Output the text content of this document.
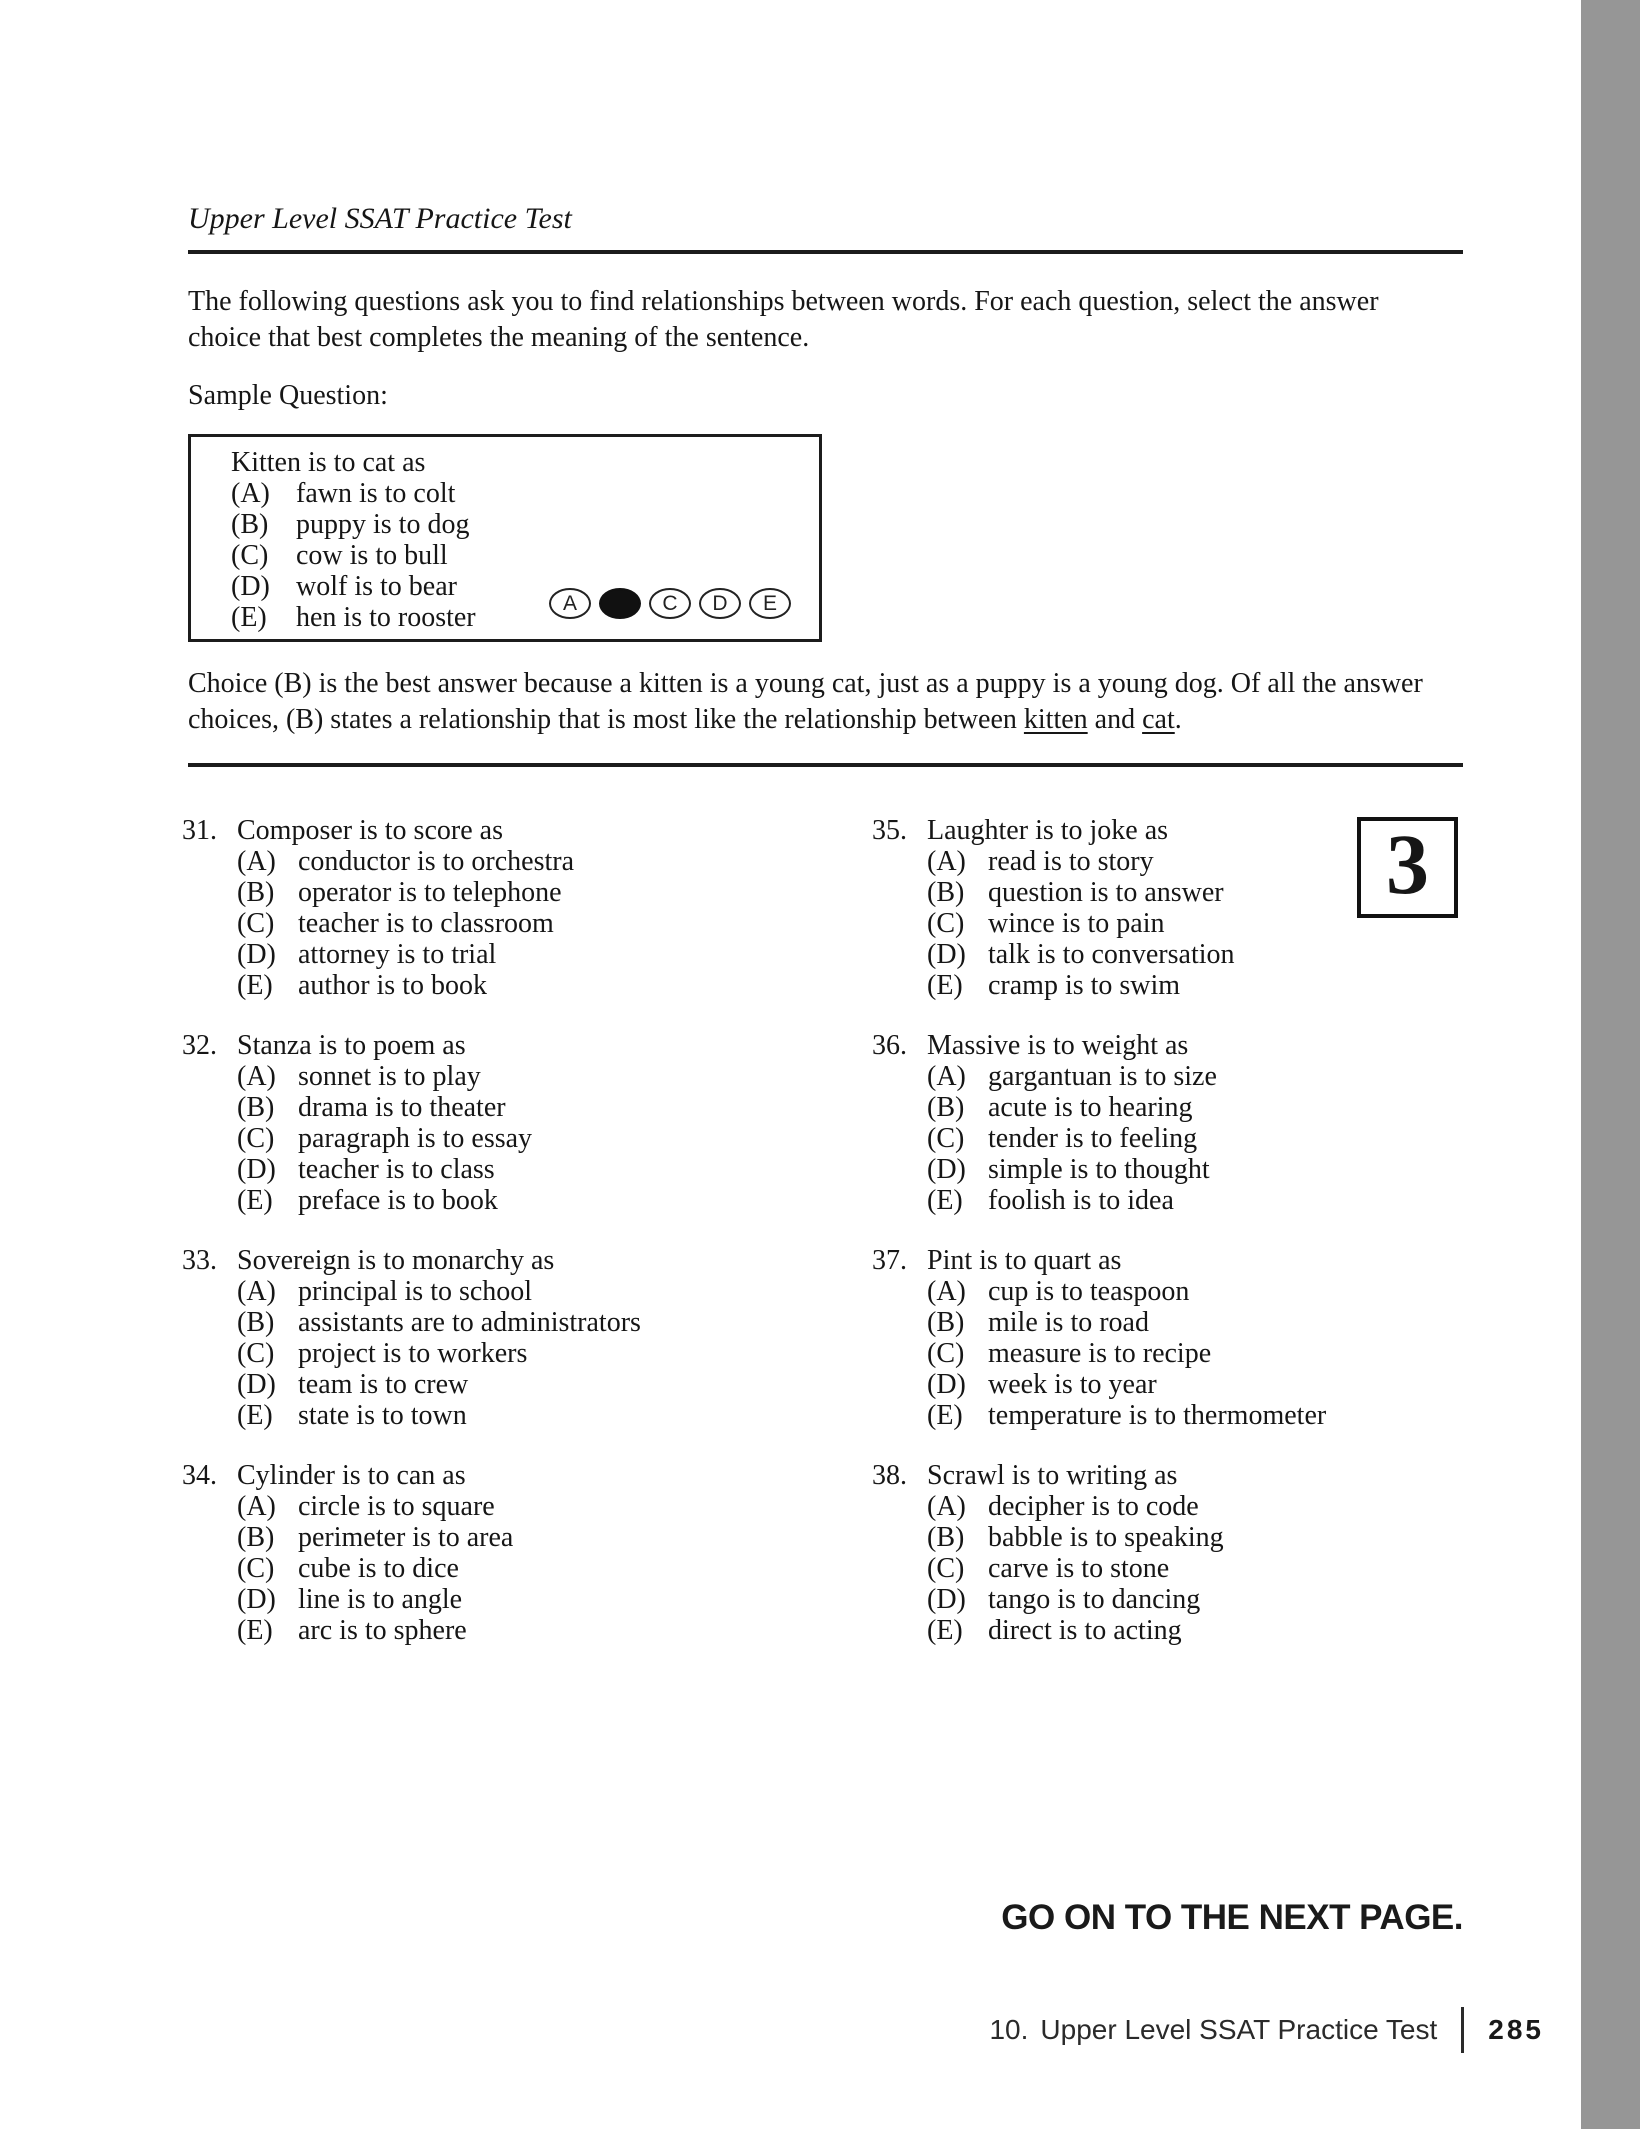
Upper Level SSAT Practice Test
The following questions ask you to find relationships between words. For each question, select the answer
choice that best completes the meaning of the sentence.
Sample Question:
Kitten is to cat as
(A) fawn is to colt
(B) puppy is to dog
(C) cow is to bull
(D) wolf is to bear
(E)	hen is to rooster	A	C	D	E
Choice (B) is the best answer because a kitten is a young cat, just as a puppy is a young dog. Of all the answer
choices, (B) states a relationship that is most like the relationship between kitten and cat.
3
31. Composer is to score as
(A) conductor is to orchestra
(B) operator is to telephone
(C) teacher is to classroom
(D) attorney is to trial
(E) author is to book
32. Stanza is to poem as
(A) sonnet is to play
(B) drama is to theater
(C) paragraph is to essay
(D) teacher is to class
(E) preface is to book
33. Sovereign is to monarchy as
(A) principal is to school
(B) assistants are to administrators
(C) project is to workers
(D) team is to crew
(E) state is to town
34. Cylinder is to can as
(A) circle is to square
(B) perimeter is to area
(C) cube is to dice
(D) line is to angle
(E) arc is to sphere
35. Laughter is to joke as
(A) read is to story
(B) question is to answer
(C) wince is to pain
(D) talk is to conversation
(E) cramp is to swim
36. Massive is to weight as
(A) gargantuan is to size
(B) acute is to hearing
(C) tender is to feeling
(D) simple is to thought
(E) foolish is to idea
37. Pint is to quart as
(A) cup is to teaspoon
(B) mile is to road
(C) measure is to recipe
(D) week is to year
(E) temperature is to thermometer
38. Scrawl is to writing as
(A) decipher is to code
(B) babble is to speaking
(C) carve is to stone
(D) tango is to dancing
(E) direct is to acting
GO ON TO THE NEXT PAGE.
10. Upper Level SSAT Practice Test 285
